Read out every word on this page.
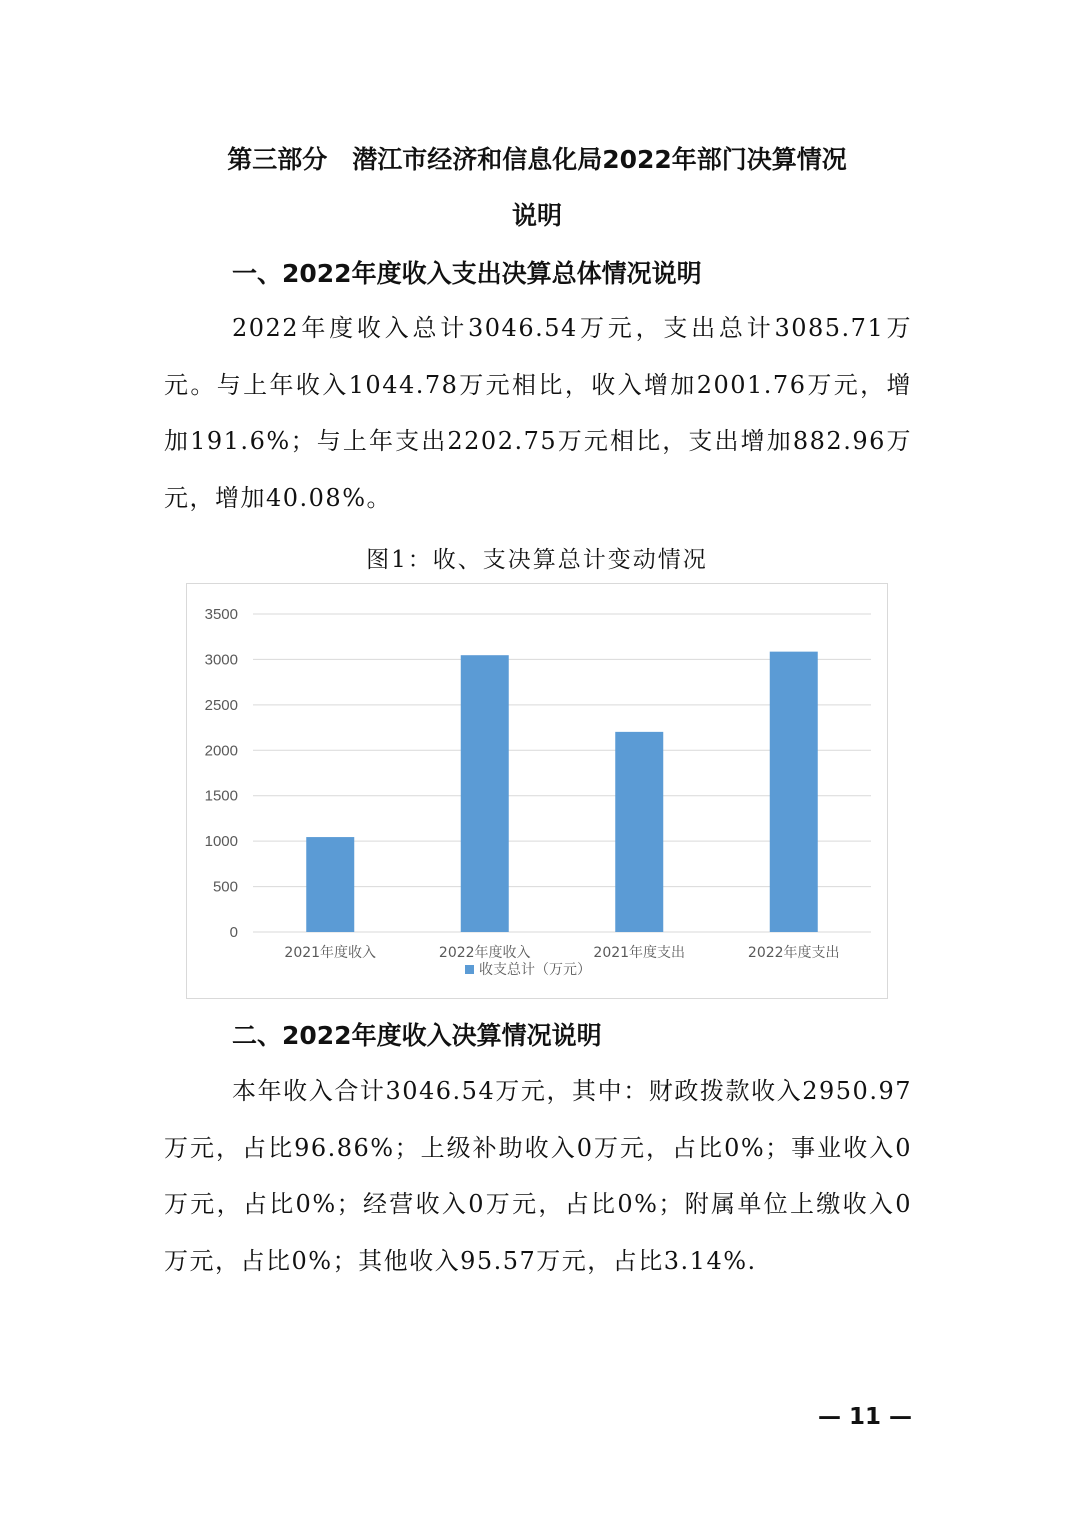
第三部分　潜江市经济和信息化局2022年部门决算情况
说明
一、2022年度收入支出决算总体情况说明

2022年度收入总计3046.54万元，支出总计3085.71万元。与上年收入1044.78万元相比，收入增加2001.76万元，增加191.6%；与上年支出2202.75万元相比，支出增加882.96万元，增加40.08%。

图1：收、支决算总计变动情况

0
500
1000
1500
2000
2500
3000
3500
2021年度收入	2022年度收入	2021年度支出	2022年度支出
收支总计（万元）
二、2022年度收入决算情况说明

本年收入合计3046.54万元，其中：财政拨款收入2950.97万元，占比96.86%；上级补助收入0万元，占比0%；事业收入0万元，占比0%；经营收入0万元，占比0%；附属单位上缴收入0万元，占比0%；其他收入95.57万元，占比3.14%.

— 11 —
